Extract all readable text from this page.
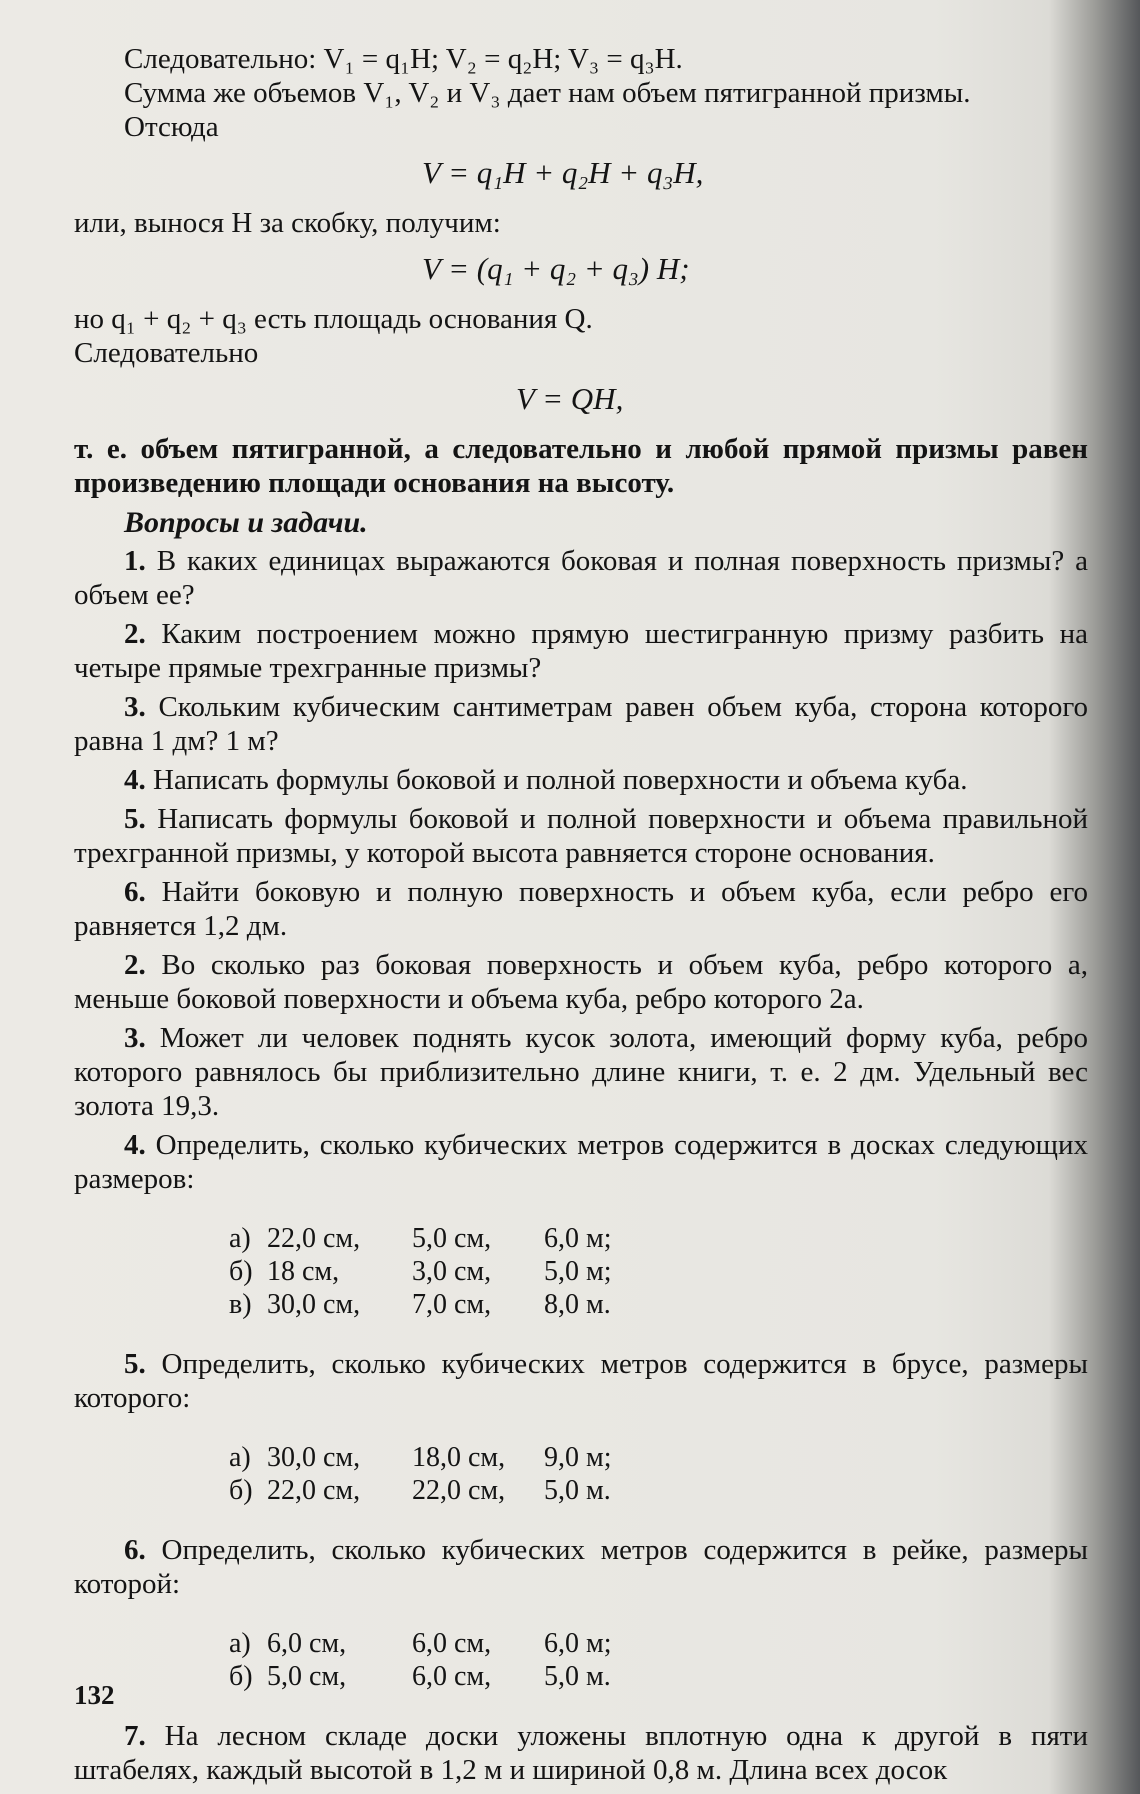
Следовательно: V₁ = q₁H; V₂ = q₂H; V₃ = q₃H.

Сумма же объемов V₁, V₂ и V₃ дает нам объем пятигранной призмы.

Отсюда

V = q₁H + q₂H + q₃H,

или, вынося H за скобку, получим:

V = (q₁ + q₂ + q₃) H;

но q₁ + q₂ + q₃ есть площадь основания Q.

Следовательно

V = QH,

т. е. объем пятигранной, а следовательно и любой прямой призмы равен произведению площади основания на высоту.

Вопросы и задачи.

1. В каких единицах выражаются боковая и полная поверхность призмы? а объем ее?

2. Каким построением можно прямую шестигранную призму разбить на четыре прямые трехгранные призмы?

3. Скольким кубическим сантиметрам равен объем куба, сторона которого равна 1 дм? 1 м?

4. Написать формулы боковой и полной поверхности и объема куба.

5. Написать формулы боковой и полной поверхности и объема правильной трехгранной призмы, у которой высота равняется стороне основания.

6. Найти боковую и полную поверхность и объем куба, если ребро его равняется 1,2 дм.

2. Во сколько раз боковая поверхность и объем куба, ребро которого a, меньше боковой поверхности и объема куба, ребро которого 2a.

3. Может ли человек поднять кусок золота, имеющий форму куба, ребро которого равнялось бы приблизительно длине книги, т. е. 2 дм. Удельный вес золота 19,3.

4. Определить, сколько кубических метров содержится в досках следующих размеров:

а) 22,0 см,	5,0 см,	6,0 м;
б) 18 см,	3,0 см,	5,0 м;
в) 30,0 см,	7,0 см,	8,0 м.

5. Определить, сколько кубических метров содержится в брусе, размеры которого:

а) 30,0 см,	18,0 см,	9,0 м;
б) 22,0 см,	22,0 см,	5,0 м.

6. Определить, сколько кубических метров содержится в рейке, размеры которой:

а) 6,0 см,	6,0 см,	6,0 м;
б) 5,0 см,	6,0 см,	5,0 м.

7. На лесном складе доски уложены вплотную одна к другой в пяти штабелях, каждый высотой в 1,2 м и шириной 0,8 м. Длина всех досок

132
